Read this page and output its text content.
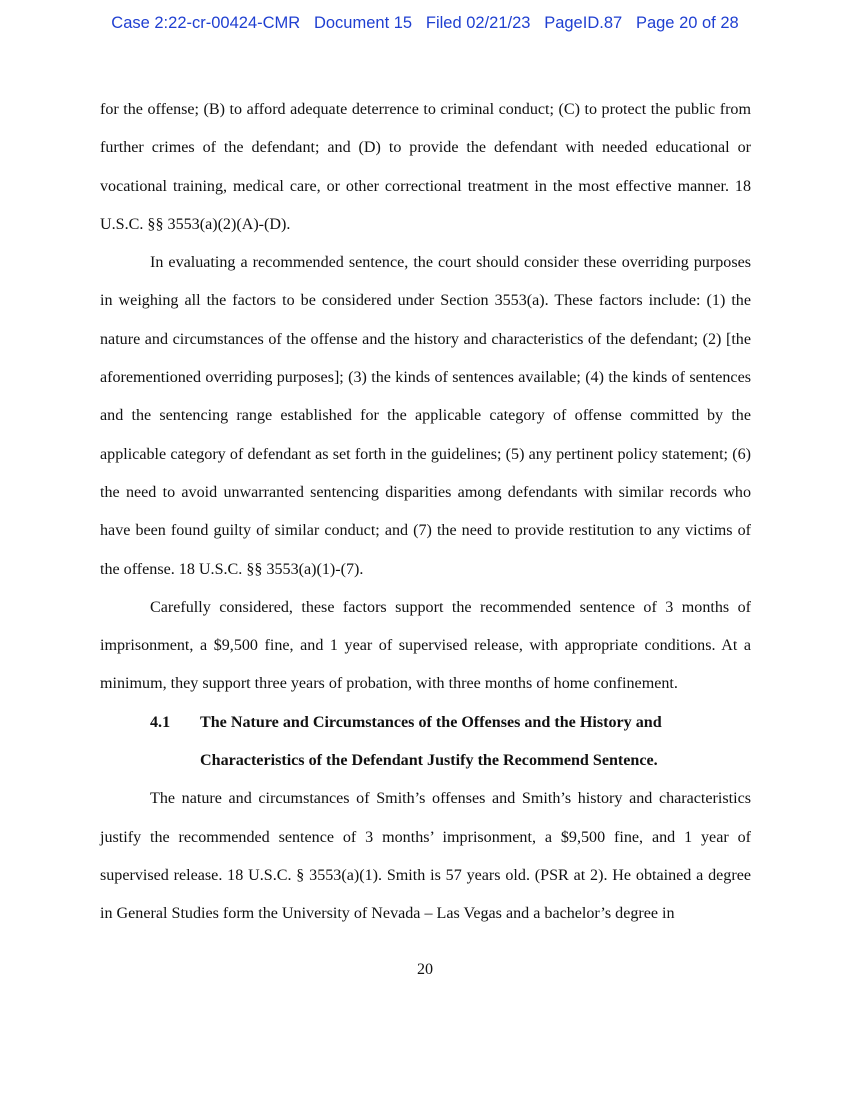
Case 2:22-cr-00424-CMR Document 15 Filed 02/21/23 PageID.87 Page 20 of 28

for the offense; (B) to afford adequate deterrence to criminal conduct; (C) to protect the public from further crimes of the defendant; and (D) to provide the defendant with needed educational or vocational training, medical care, or other correctional treatment in the most effective manner. 18 U.S.C. §§ 3553(a)(2)(A)-(D).

In evaluating a recommended sentence, the court should consider these overriding purposes in weighing all the factors to be considered under Section 3553(a). These factors include: (1) the nature and circumstances of the offense and the history and characteristics of the defendant; (2) [the aforementioned overriding purposes]; (3) the kinds of sentences available; (4) the kinds of sentences and the sentencing range established for the applicable category of offense committed by the applicable category of defendant as set forth in the guidelines; (5) any pertinent policy statement; (6) the need to avoid unwarranted sentencing disparities among defendants with similar records who have been found guilty of similar conduct; and (7) the need to provide restitution to any victims of the offense. 18 U.S.C. §§ 3553(a)(1)-(7).

Carefully considered, these factors support the recommended sentence of 3 months of imprisonment, a $9,500 fine, and 1 year of supervised release, with appropriate conditions. At a minimum, they support three years of probation, with three months of home confinement.

4.1	The Nature and Circumstances of the Offenses and the History and
Characteristics of the Defendant Justify the Recommend Sentence.

The nature and circumstances of Smith’s offenses and Smith’s history and characteristics justify the recommended sentence of 3 months’ imprisonment, a $9,500 fine, and 1 year of supervised release. 18 U.S.C. § 3553(a)(1). Smith is 57 years old. (PSR at 2). He obtained a degree in General Studies form the University of Nevada – Las Vegas and a bachelor’s degree in

20
